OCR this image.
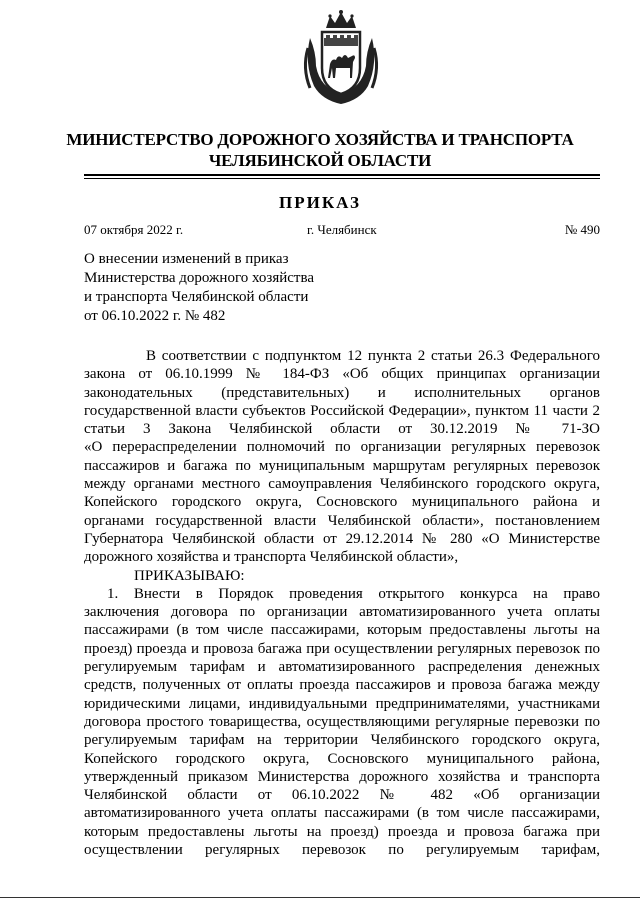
МИНИСТЕРСТВО ДОРОЖНОГО ХОЗЯЙСТВА И ТРАНСПОРТА
ЧЕЛЯБИНСКОЙ ОБЛАСТИ
ПРИКАЗ
07 октября 2022 г.	г. Челябинск	№ 490
О внесении изменений в приказ
Министерства дорожного хозяйства
и транспорта Челябинской области
от 06.10.2022 г. № 482
В соответствии с подпунктом 12 пункта 2 статьи 26.3 Федерального
закона от 06.10.1999 № 184-ФЗ «Об общих принципах организации
законодательных (представительных) и исполнительных органов
государственной власти субъектов Российской Федерации», пунктом 11 части 2
статьи 3 Закона Челябинской области от 30.12.2019 № 71-ЗО
«О перераспределении полномочий по организации регулярных перевозок
пассажиров и багажа по муниципальным маршрутам регулярных перевозок
между органами местного самоуправления Челябинского городского округа,
Копейского городского округа, Сосновского муниципального района и
органами государственной власти Челябинской области», постановлением
Губернатора Челябинской области от 29.12.2014 № 280 «О Министерстве
дорожного хозяйства и транспорта Челябинской области»,
ПРИКАЗЫВАЮ:
1. Внести в Порядок проведения открытого конкурса на право
заключения договора по организации автоматизированного учета оплаты
пассажирами (в том числе пассажирами, которым предоставлены льготы на
проезд) проезда и провоза багажа при осуществлении регулярных перевозок по
регулируемым тарифам и автоматизированного распределения денежных
средств, полученных от оплаты проезда пассажиров и провоза багажа между
юридическими лицами, индивидуальными предпринимателями, участниками
договора простого товарищества, осуществляющими регулярные перевозки по
регулируемым тарифам на территории Челябинского городского округа,
Копейского городского округа, Сосновского муниципального района,
утвержденный приказом Министерства дорожного хозяйства и транспорта
Челябинской области от 06.10.2022 № 482 «Об организации
автоматизированного учета оплаты пассажирами (в том числе пассажирами,
которым предоставлены льготы на проезд) проезда и провоза багажа при
осуществлении регулярных перевозок по регулируемым тарифам,
